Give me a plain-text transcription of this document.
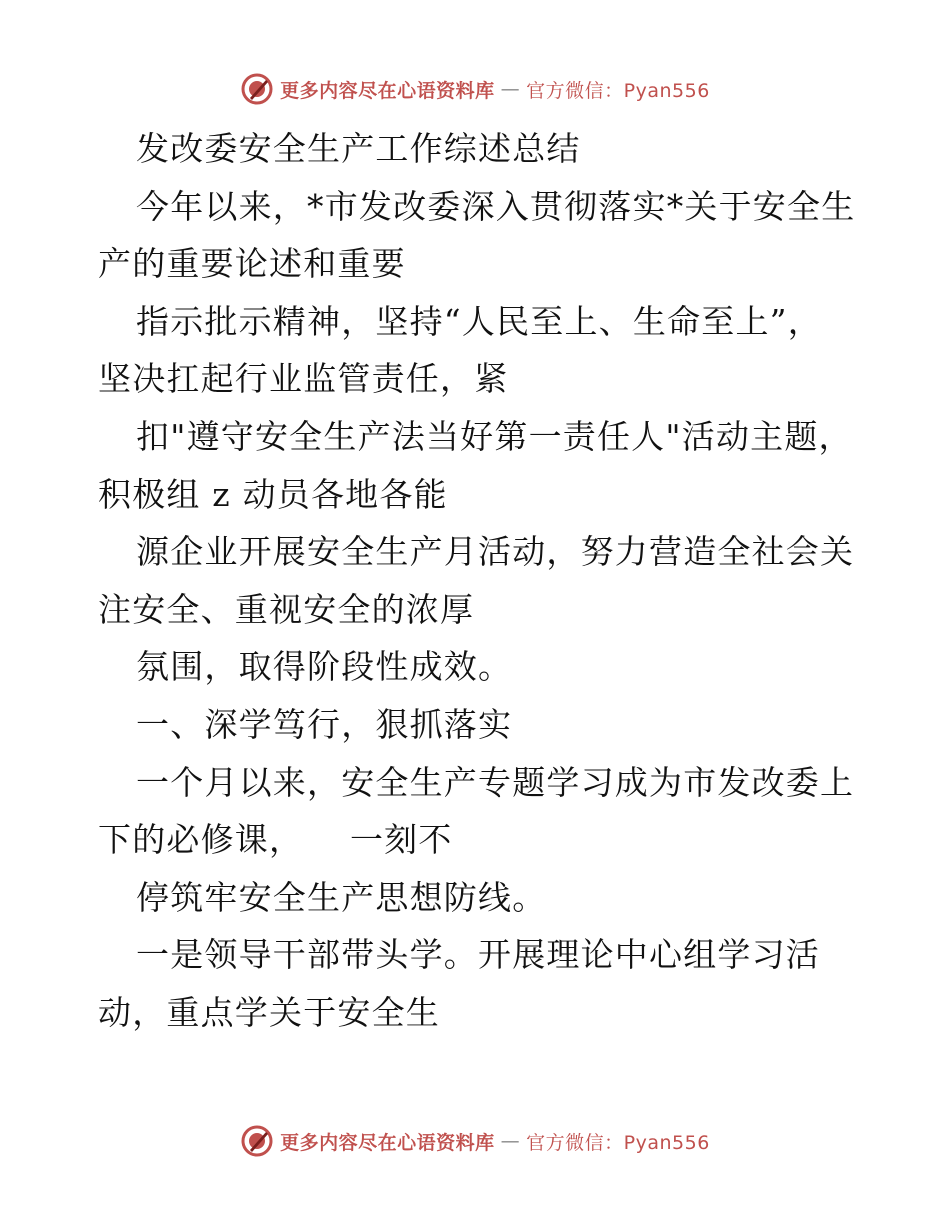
更多内容尽在心语资料库 — 官方微信：Pyan556
发改委安全生产工作综述总结
今年以来，*市发改委深入贯彻落实*关于安全生
产的重要论述和重要
指示批示精神，坚持“人民至上、生命至上”，
坚决扛起行业监管责任，紧
扣"遵守安全生产法当好第一责任人"活动主题，
积极组 z 动员各地各能
源企业开展安全生产月活动，努力营造全社会关
注安全、重视安全的浓厚
氛围，取得阶段性成效。
一、深学笃行，狠抓落实
一个月以来，安全生产专题学习成为市发改委上
下的必修课，    一刻不
停筑牢安全生产思想防线。
一是领导干部带头学。开展理论中心组学习活
动，重点学关于安全生
更多内容尽在心语资料库 — 官方微信：Pyan556
